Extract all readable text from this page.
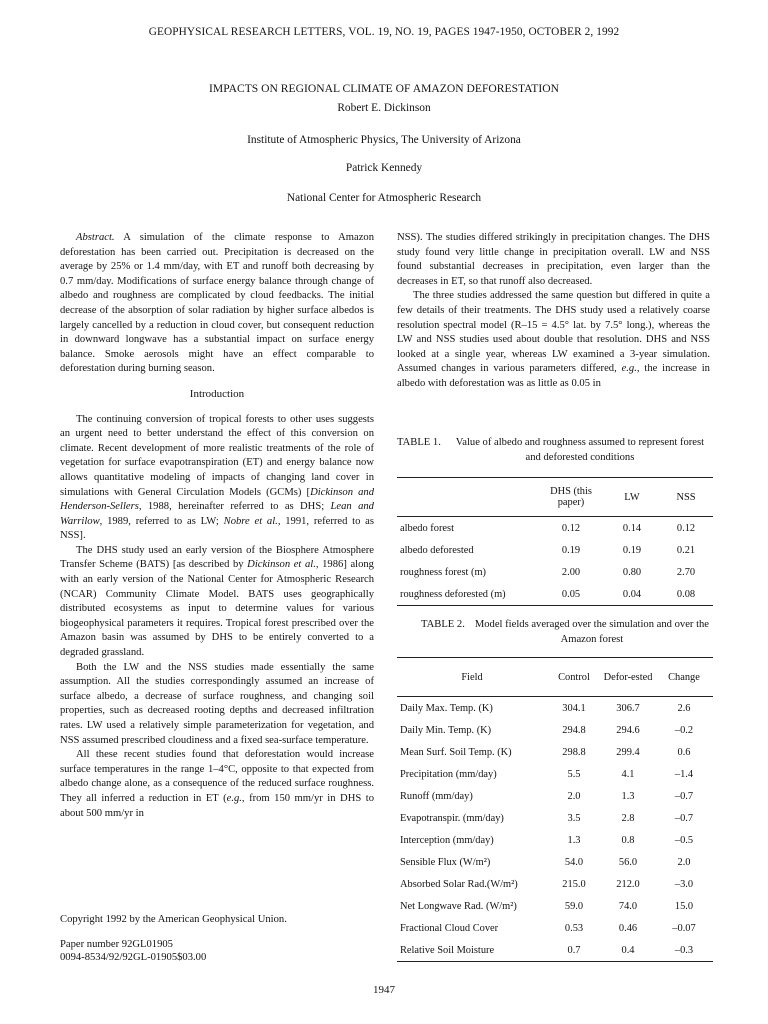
GEOPHYSICAL RESEARCH LETTERS, VOL. 19, NO. 19, PAGES 1947-1950, OCTOBER 2, 1992
IMPACTS ON REGIONAL CLIMATE OF AMAZON DEFORESTATION
Robert E. Dickinson
Institute of Atmospheric Physics, The University of Arizona
Patrick Kennedy
National Center for Atmospheric Research

Abstract. A simulation of the climate response to Amazon deforestation has been carried out. Precipitation is decreased on the average by 25% or 1.4 mm/day, with ET and runoff both decreasing by 0.7 mm/day. Modifications of surface energy balance through change of albedo and roughness are complicated by cloud feedbacks. The initial decrease of the absorption of solar radiation by higher surface albedos is largely cancelled by a reduction in cloud cover, but consequent reduction in downward longwave has a substantial impact on surface energy balance. Smoke aerosols might have an effect comparable to deforestation during burning season.

Introduction

The continuing conversion of tropical forests to other uses suggests an urgent need to better understand the effect of this conversion on climate. Recent development of more realistic treatments of the role of vegetation for surface evapotranspiration (ET) and energy balance now allows quantitative modeling of impacts of changing land cover in simulations with General Circulation Models (GCMs) [Dickinson and Henderson-Sellers, 1988, hereinafter referred to as DHS; Lean and Warrilow, 1989, referred to as LW; Nobre et al., 1991, referred to as NSS].

The DHS study used an early version of the Biosphere Atmosphere Transfer Scheme (BATS) [as described by Dickinson et al., 1986] along with an early version of the National Center for Atmospheric Research (NCAR) Community Climate Model. BATS uses geographically distributed ecosystems as input to determine values for various biogeophysical parameters it requires. Tropical forest prescribed over the Amazon basin was assumed by DHS to be entirely converted to a degraded grassland.

Both the LW and the NSS studies made essentially the same assumption. All the studies correspondingly assumed an increase of surface albedo, a decrease of surface roughness, and changing soil properties, such as decreased rooting depths and decreased infiltration rates. LW used a relatively simple parameterization for vegetation, and NSS assumed prescribed cloudiness and a fixed sea-surface temperature.

All these recent studies found that deforestation would increase surface temperatures in the range 1–4°C, opposite to that expected from albedo change alone, as a consequence of the reduced surface roughness. They all inferred a reduction in ET (e.g., from 150 mm/yr in DHS to about 500 mm/yr in

Copyright 1992 by the American Geophysical Union.
Paper number 92GL01905
0094-8534/92/92GL-01905$03.00

NSS). The studies differed strikingly in precipitation changes. The DHS study found very little change in precipitation overall. LW and NSS found substantial decreases in precipitation, even larger than the decreases in ET, so that runoff also decreased.

The three studies addressed the same question but differed in quite a few details of their treatments. The DHS study used a relatively coarse resolution spectral model (R–15 = 4.5° lat. by 7.5° long.), whereas the LW and NSS studies used about double that resolution. DHS and NSS looked at a single year, whereas LW examined a 3-year simulation. Assumed changes in various parameters differed, e.g., the increase in albedo with deforestation was as little as 0.05 in

TABLE 1.	Value of albedo and roughness assumed to represent forest and deforested conditions
	DHS (this paper)	LW	NSS
albedo forest	0.12	0.14	0.12
albedo deforested	0.19	0.19	0.21
roughness forest (m)	2.00	0.80	2.70
roughness deforested (m)	0.05	0.04	0.08
TABLE 2. Model fields averaged over the simulation and over the Amazon forest
Field	Control	Defor-ested	Change
Daily Max. Temp. (K)	304.1	306.7	2.6
Daily Min. Temp. (K)	294.8	294.6	–0.2
Mean Surf. Soil Temp. (K)	298.8	299.4	0.6
Precipitation (mm/day)	5.5	4.1	–1.4
Runoff (mm/day)	2.0	1.3	–0.7
Evapotranspir. (mm/day)	3.5	2.8	–0.7
Interception (mm/day)	1.3	0.8	–0.5
Sensible Flux (W/m²)	54.0	56.0	2.0
Absorbed Solar Rad.(W/m²)	215.0	212.0	–3.0
Net Longwave Rad. (W/m²)	59.0	74.0	15.0
Fractional Cloud Cover	0.53	0.46	–0.07
Relative Soil Moisture	0.7	0.4	–0.3
1947
